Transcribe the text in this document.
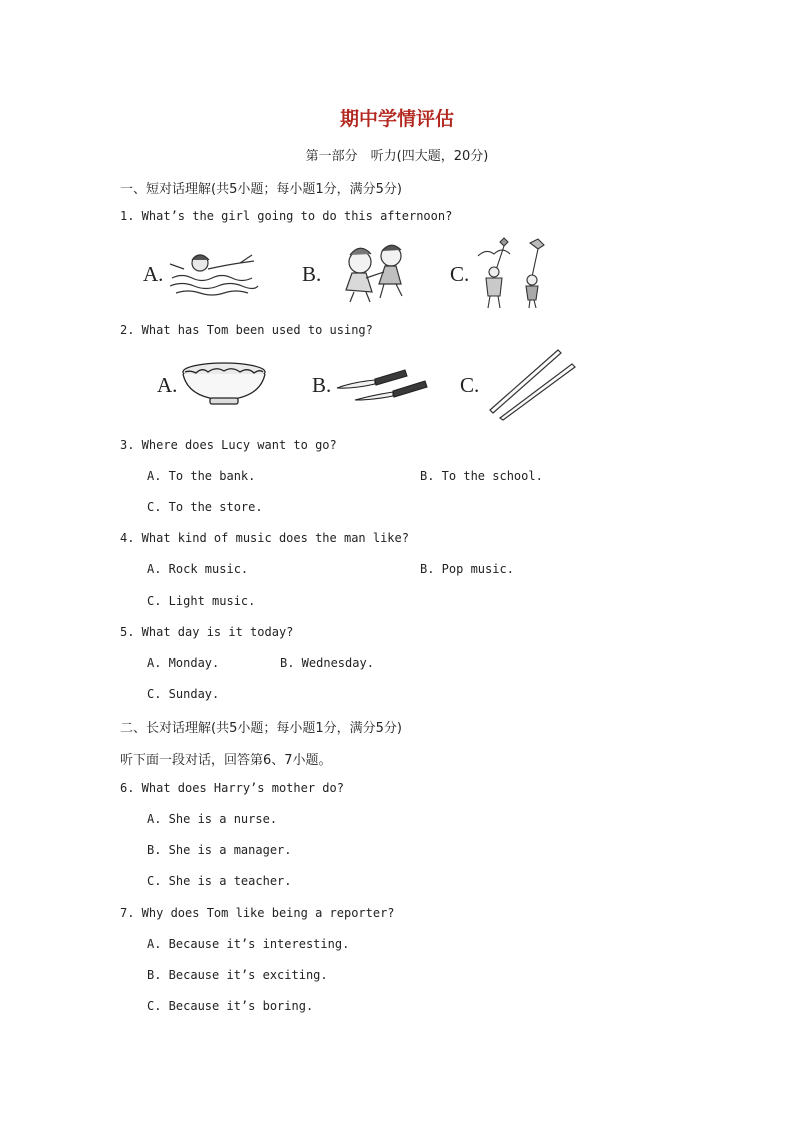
期中学情评估
第一部分　听力(四大题，20分)
一、短对话理解(共5小题；每小题1分，满分5分)
1. What’s the girl going to do this afternoon?
A.	B.	C.
2. What has Tom been used to using?
A.	B.	C.
3. Where does Lucy want to go?
A. To the bank.	B. To the school.
C. To the store.
4. What kind of music does the man like?
A. Rock music.	B. Pop music.
C. Light music.
5. What day is it today?
A. Monday.	B. Wednesday.
C. Sunday.
二、长对话理解(共5小题；每小题1分，满分5分)
听下面一段对话，回答第6、7小题。
6. What does Harry’s mother do?
A. She is a nurse.
B. She is a manager.
C. She is a teacher.
7. Why does Tom like being a reporter?
A. Because it’s interesting.
B. Because it’s exciting.
C. Because it’s boring.
